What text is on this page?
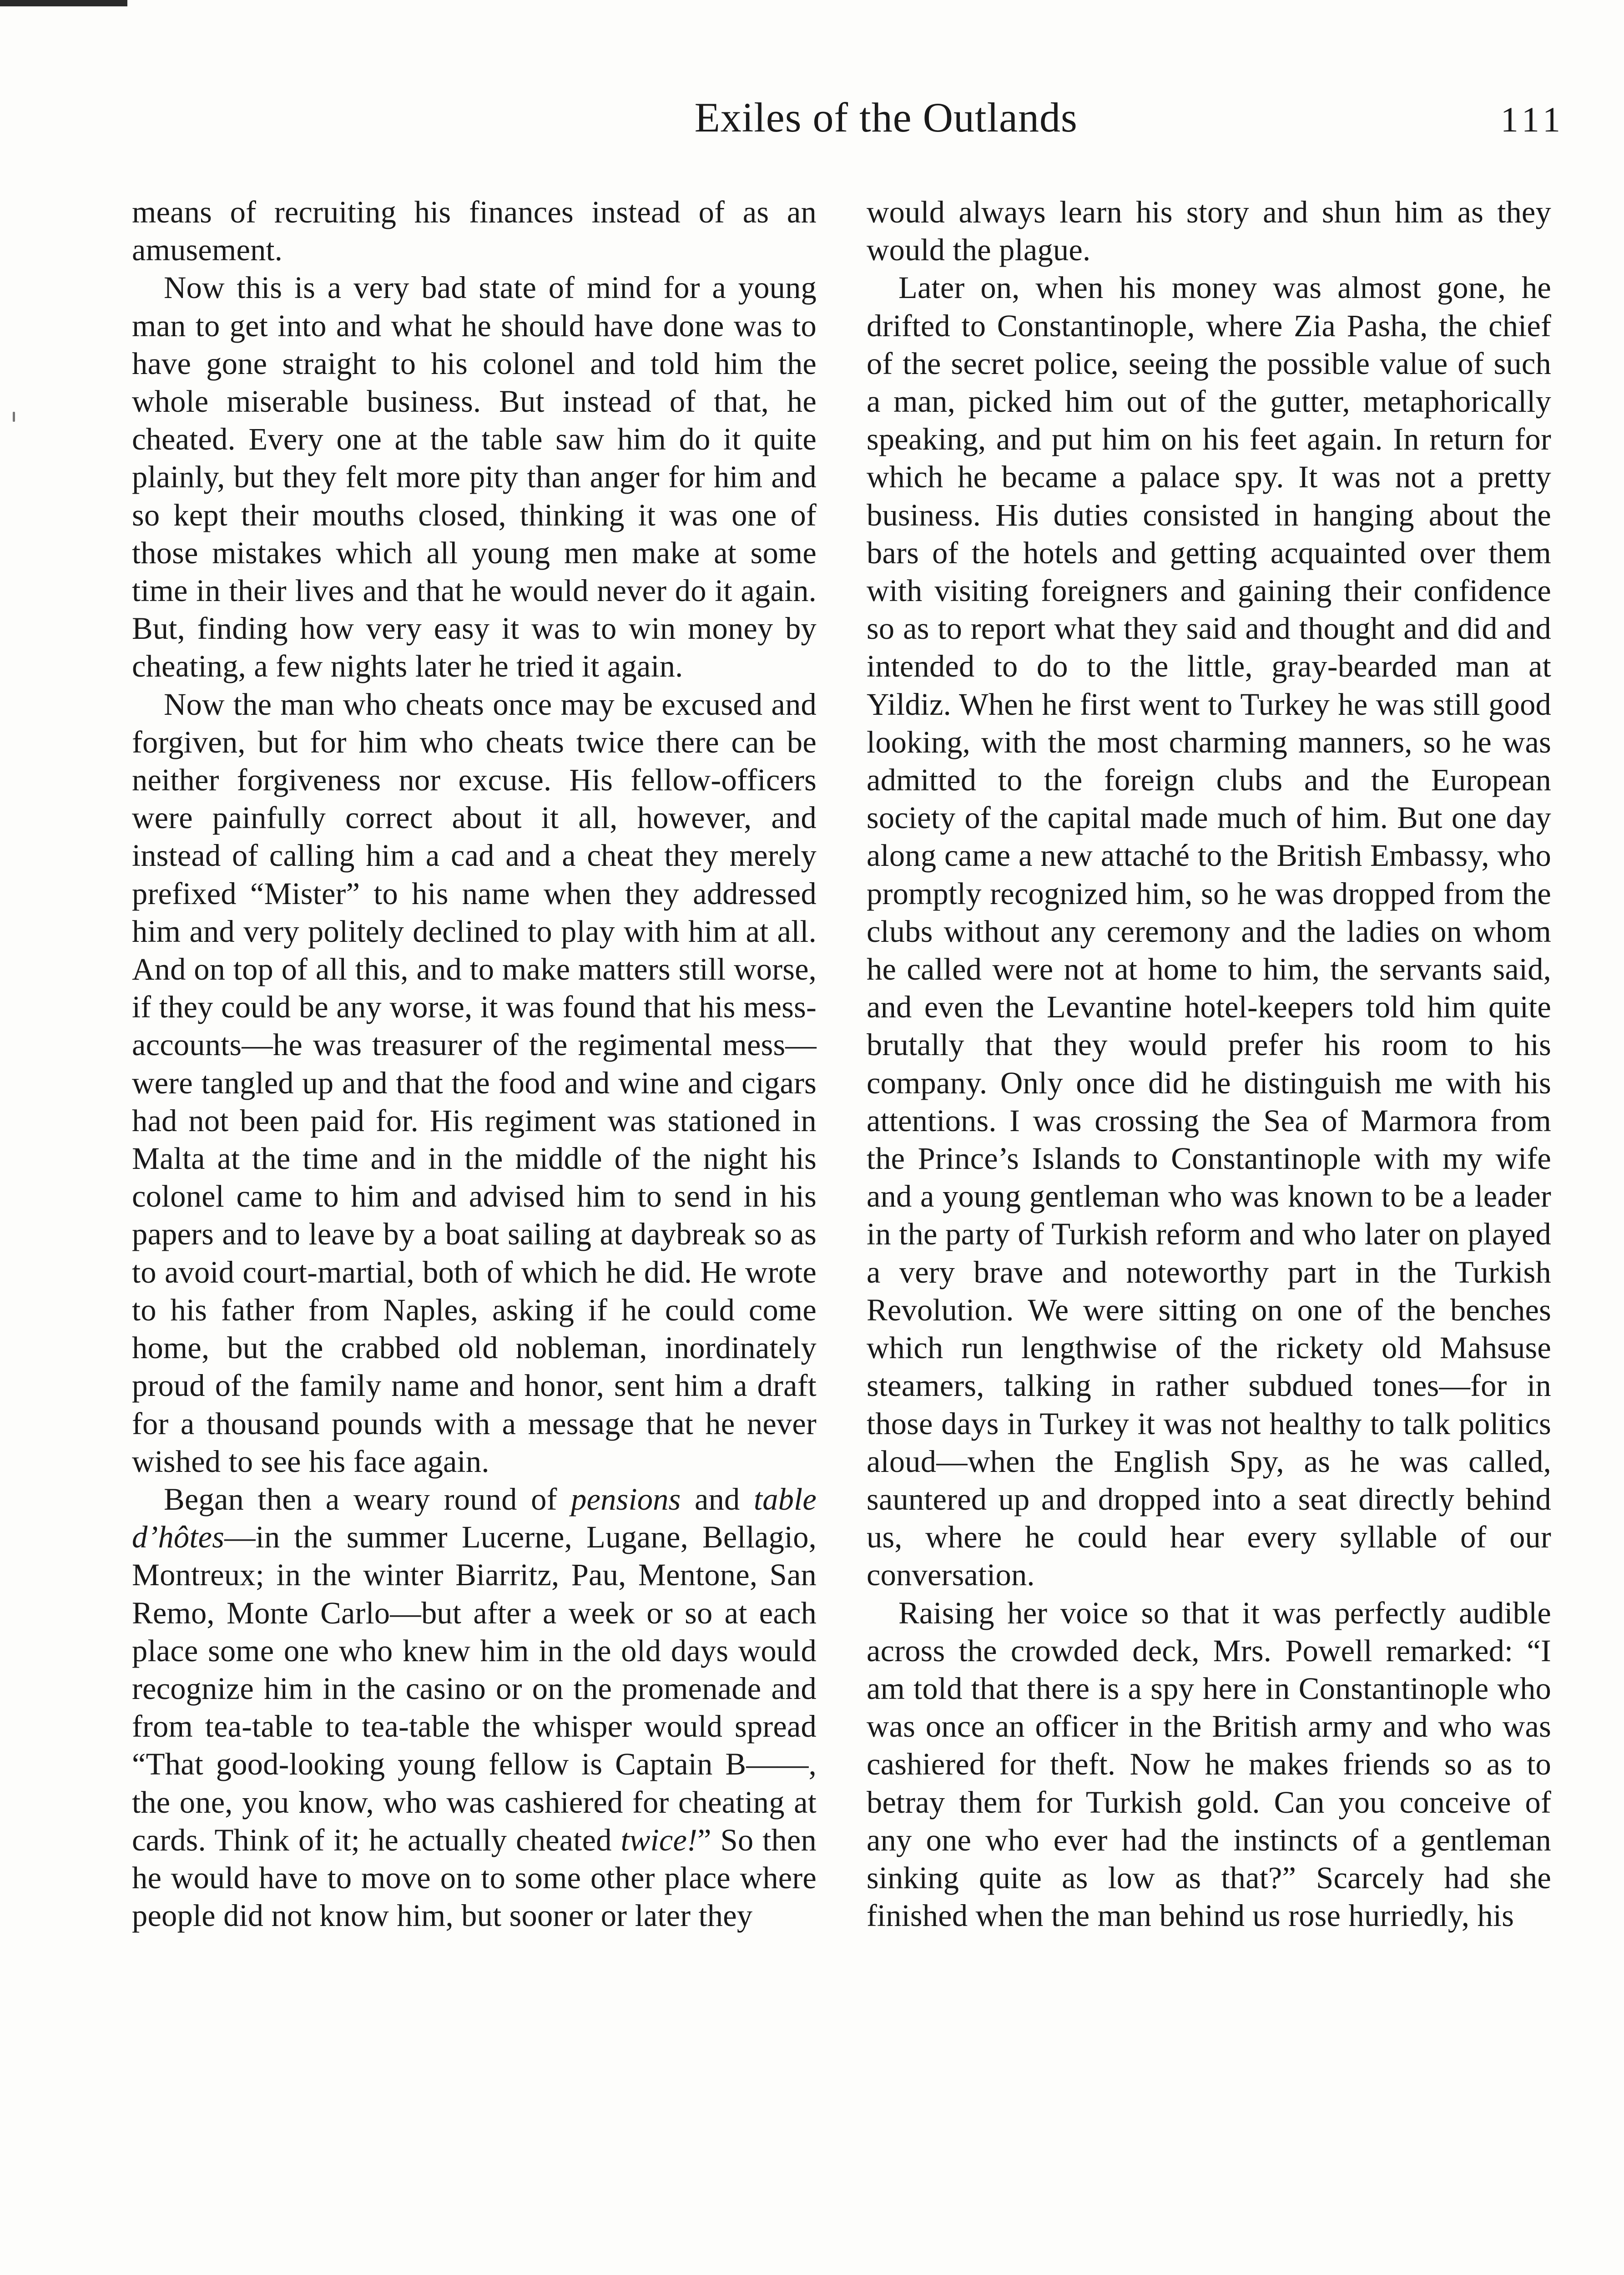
Exiles of the Outlands	111
means of recruiting his finances instead of as an amusement.
Now this is a very bad state of mind for a young man to get into and what he should have done was to have gone straight to his colonel and told him the whole miserable business. But instead of that, he cheated. Every one at the table saw him do it quite plainly, but they felt more pity than anger for him and so kept their mouths closed, thinking it was one of those mistakes which all young men make at some time in their lives and that he would never do it again. But, finding how very easy it was to win money by cheating, a few nights later he tried it again.
Now the man who cheats once may be excused and forgiven, but for him who cheats twice there can be neither forgiveness nor excuse. His fellow-officers were painfully correct about it all, however, and instead of calling him a cad and a cheat they merely prefixed “Mister” to his name when they addressed him and very politely declined to play with him at all. And on top of all this, and to make matters still worse, if they could be any worse, it was found that his mess-accounts—he was treasurer of the regimental mess—were tangled up and that the food and wine and cigars had not been paid for. His regiment was stationed in Malta at the time and in the middle of the night his colonel came to him and advised him to send in his papers and to leave by a boat sailing at daybreak so as to avoid court-martial, both of which he did. He wrote to his father from Naples, asking if he could come home, but the crabbed old nobleman, inordinately proud of the family name and honor, sent him a draft for a thousand pounds with a message that he never wished to see his face again.
Began then a weary round of pensions and table d’hôtes—in the summer Lucerne, Lugane, Bellagio, Montreux; in the winter Biarritz, Pau, Mentone, San Remo, Monte Carlo—but after a week or so at each place some one who knew him in the old days would recognize him in the casino or on the promenade and from tea-table to tea-table the whisper would spread “That good-looking young fellow is Captain B——, the one, you know, who was cashiered for cheating at cards. Think of it; he actually cheated twice!” So then he would have to move on to some other place where people did not know him, but sooner or later they
would always learn his story and shun him as they would the plague.
Later on, when his money was almost gone, he drifted to Constantinople, where Zia Pasha, the chief of the secret police, seeing the possible value of such a man, picked him out of the gutter, metaphorically speaking, and put him on his feet again. In return for which he became a palace spy. It was not a pretty business. His duties consisted in hanging about the bars of the hotels and getting acquainted over them with visiting foreigners and gaining their confidence so as to report what they said and thought and did and intended to do to the little, gray-bearded man at Yildiz. When he first went to Turkey he was still good looking, with the most charming manners, so he was admitted to the foreign clubs and the European society of the capital made much of him. But one day along came a new attaché to the British Embassy, who promptly recognized him, so he was dropped from the clubs without any ceremony and the ladies on whom he called were not at home to him, the servants said, and even the Levantine hotel-keepers told him quite brutally that they would prefer his room to his company. Only once did he distinguish me with his attentions. I was crossing the Sea of Marmora from the Prince’s Islands to Constantinople with my wife and a young gentleman who was known to be a leader in the party of Turkish reform and who later on played a very brave and noteworthy part in the Turkish Revolution. We were sitting on one of the benches which run lengthwise of the rickety old Mahsuse steamers, talking in rather subdued tones—for in those days in Turkey it was not healthy to talk politics aloud—when the English Spy, as he was called, sauntered up and dropped into a seat directly behind us, where he could hear every syllable of our conversation.
Raising her voice so that it was perfectly audible across the crowded deck, Mrs. Powell remarked: “I am told that there is a spy here in Constantinople who was once an officer in the British army and who was cashiered for theft. Now he makes friends so as to betray them for Turkish gold. Can you conceive of any one who ever had the instincts of a gentleman sinking quite as low as that?” Scarcely had she finished when the man behind us rose hurriedly, his
